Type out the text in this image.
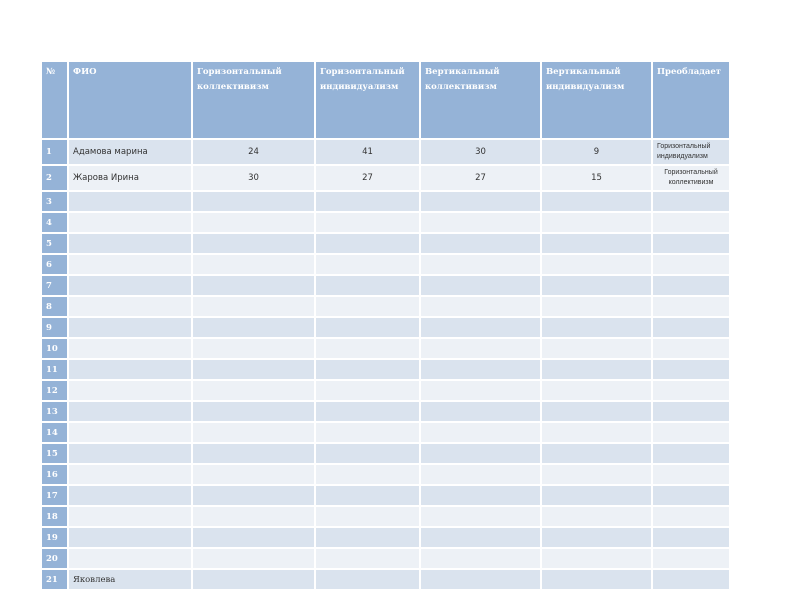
№	ФИО	Горизонтальный коллективизм	Горизонтальный индивидуализм	Вертикальный коллективизм	Вертикальный индивидуализм	Преобладает
1	Адамова марина	24	41	30	9	Горизонтальный индивидуализм
2	Жарова Ирина	30	27	27	15	Горизонтальный коллективизм
3						
4						
5						
6						
7						
8						
9						
10						
11						
12						
13						
14						
15						
16						
17						
18						
19						
20						
21	Яковлева					
